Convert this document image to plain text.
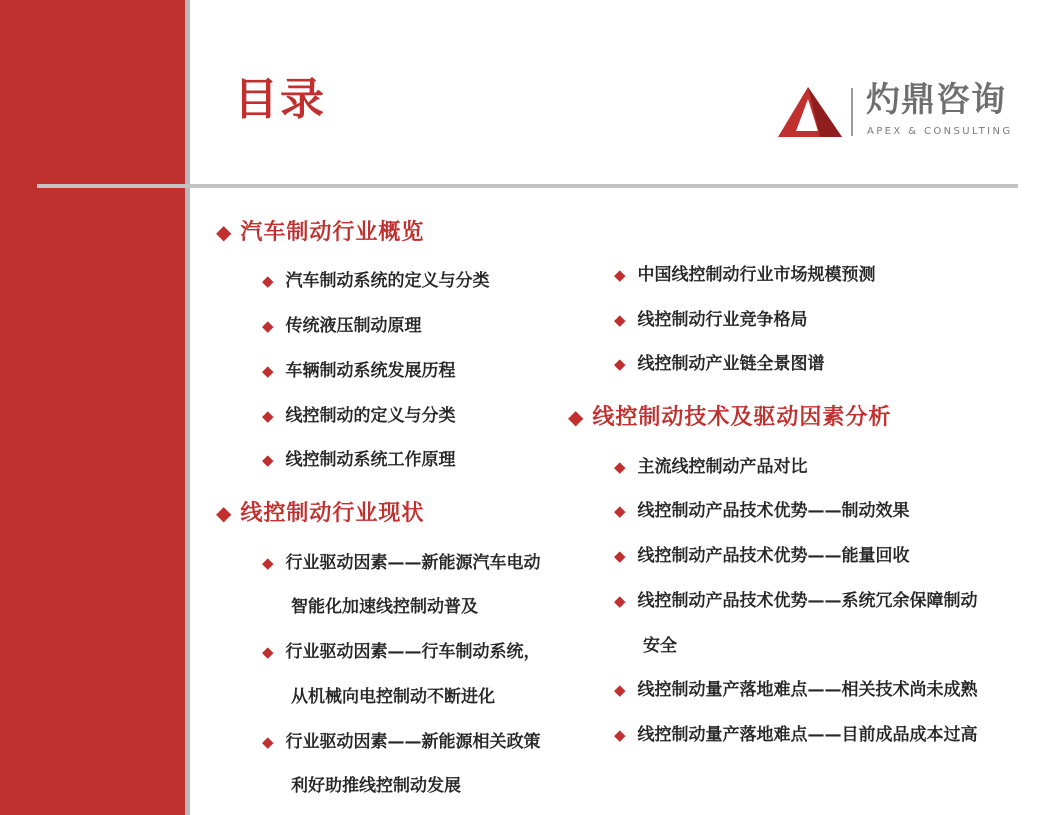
目录	灼鼎咨询
APEX & CONSULTING
◆ 汽车制动行业概览
◆ 汽车制动系统的定义与分类
◆ 传统液压制动原理
◆ 车辆制动系统发展历程
◆ 线控制动的定义与分类
◆ 线控制动系统工作原理
◆ 线控制动行业现状
◆ 行业驱动因素——新能源汽车电动
智能化加速线控制动普及
◆ 行业驱动因素——行车制动系统，
从机械向电控制动不断进化
◆ 行业驱动因素——新能源相关政策
利好助推线控制动发展
◆ 中国线控制动行业市场规模预测
◆ 线控制动行业竞争格局
◆ 线控制动产业链全景图谱
◆ 线控制动技术及驱动因素分析
◆ 主流线控制动产品对比
◆ 线控制动产品技术优势——制动效果
◆ 线控制动产品技术优势——能量回收
◆ 线控制动产品技术优势——系统冗余保障制动
安全
◆ 线控制动量产落地难点——相关技术尚未成熟
◆ 线控制动量产落地难点——目前成品成本过高
